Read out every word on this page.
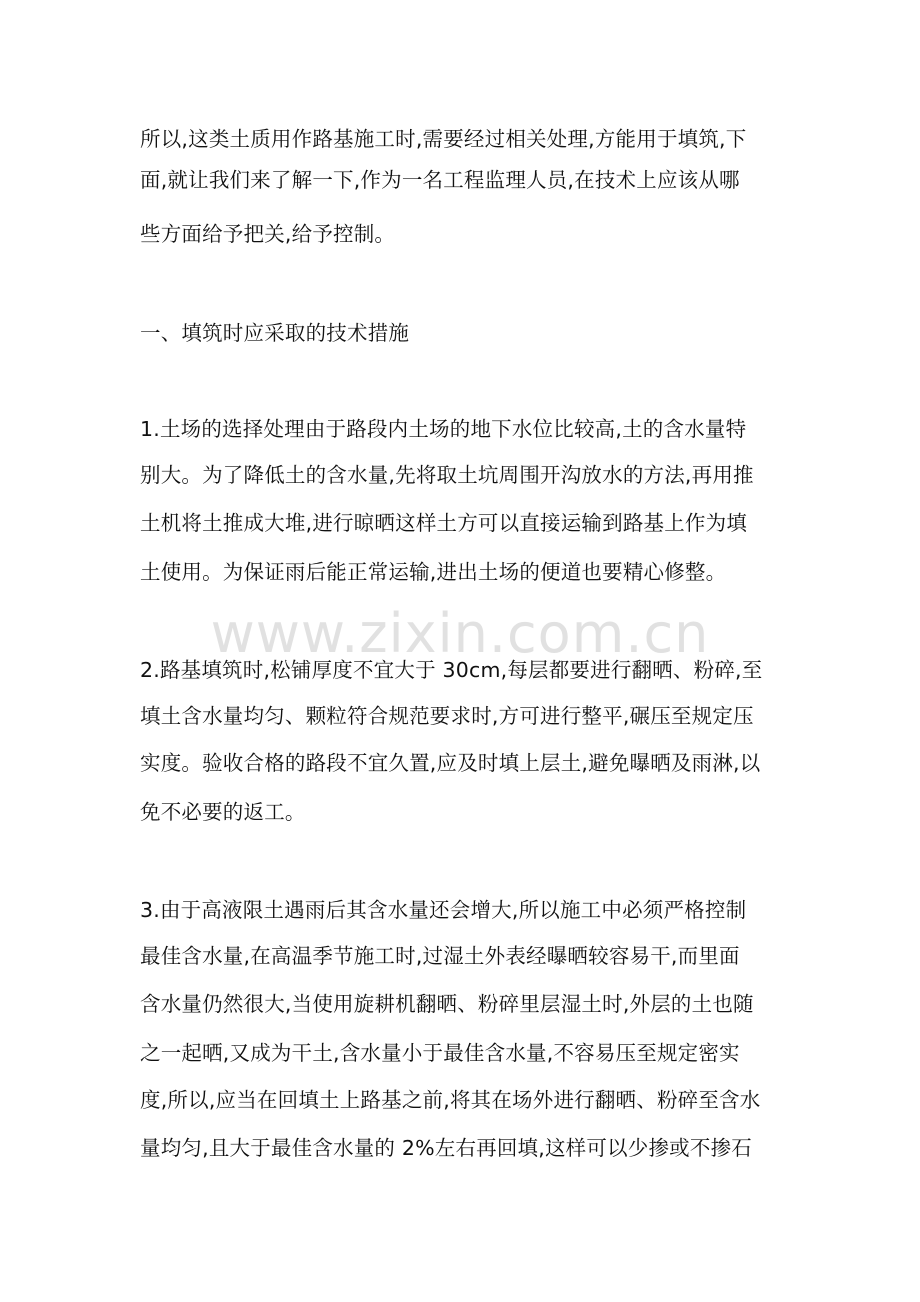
所以,这类土质用作路基施工时,需要经过相关处理,方能用于填筑,下
面,就让我们来了解一下,作为一名工程监理人员,在技术上应该从哪
些方面给予把关,给予控制。
一、填筑时应采取的技术措施
1.土场的选择处理由于路段内土场的地下水位比较高,土的含水量特
别大。为了降低土的含水量,先将取土坑周围开沟放水的方法,再用推
土机将土推成大堆,进行晾晒这样土方可以直接运输到路基上作为填
土使用。为保证雨后能正常运输,进出土场的便道也要精心修整。
2.路基填筑时,松铺厚度不宜大于 30cm,每层都要进行翻晒、粉碎,至
填土含水量均匀、颗粒符合规范要求时,方可进行整平,碾压至规定压
实度。验收合格的路段不宜久置,应及时填上层土,避免曝晒及雨淋,以
免不必要的返工。
3.由于高液限土遇雨后其含水量还会增大,所以施工中必须严格控制
最佳含水量,在高温季节施工时,过湿土外表经曝晒较容易干,而里面
含水量仍然很大,当使用旋耕机翻晒、粉碎里层湿土时,外层的土也随
之一起晒,又成为干土,含水量小于最佳含水量,不容易压至规定密实
度,所以,应当在回填土上路基之前,将其在场外进行翻晒、粉碎至含水
量均匀,且大于最佳含水量的 2%左右再回填,这样可以少掺或不掺石
www.zixin.com.cn
